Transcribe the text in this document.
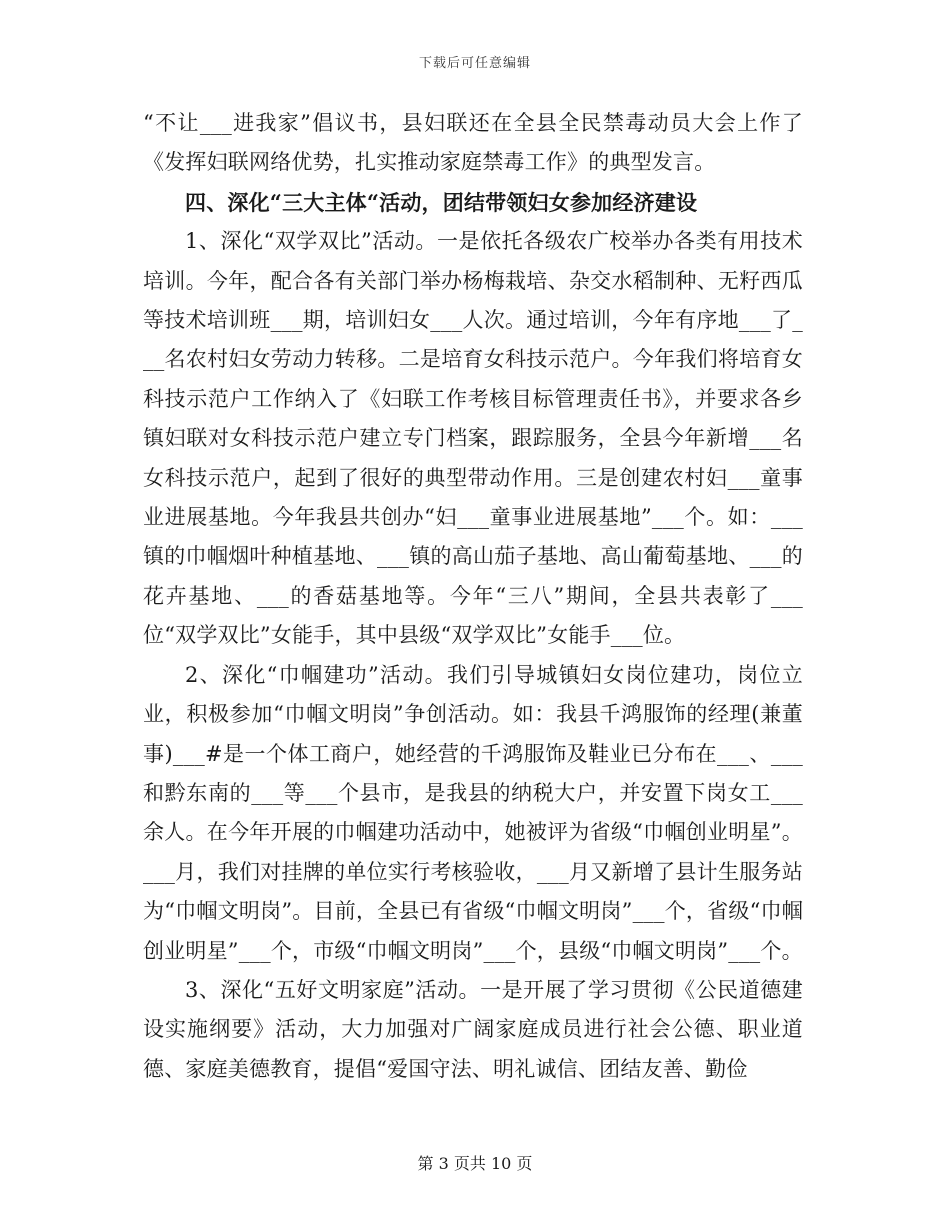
下载后可任意编辑

“不让___进我家”倡议书，县妇联还在全县全民禁毒动员大会上作了《发挥妇联网络优势，扎实推动家庭禁毒工作》的典型发言。

四、深化“三大主体“活动，团结带领妇女参加经济建设

1、深化“双学双比”活动。一是依托各级农广校举办各类有用技术培训。今年，配合各有关部门举办杨梅栽培、杂交水稻制种、无籽西瓜等技术培训班___期，培训妇女___人次。通过培训，今年有序地___了___名农村妇女劳动力转移。二是培育女科技示范户。今年我们将培育女科技示范户工作纳入了《妇联工作考核目标管理责任书》，并要求各乡镇妇联对女科技示范户建立专门档案，跟踪服务，全县今年新增___名女科技示范户，起到了很好的典型带动作用。三是创建农村妇___童事业进展基地。今年我县共创办“妇___童事业进展基地”___个。如：___镇的巾帼烟叶种植基地、___镇的高山茄子基地、高山葡萄基地、___的花卉基地、___的香菇基地等。今年“三八”期间，全县共表彰了___位“双学双比”女能手，其中县级“双学双比”女能手___位。

2、深化“巾帼建功”活动。我们引导城镇妇女岗位建功，岗位立业，积极参加“巾帼文明岗”争创活动。如：我县千鸿服饰的经理(兼董事)___#是一个体工商户，她经营的千鸿服饰及鞋业已分布在___、___和黔东南的___等___个县市，是我县的纳税大户，并安置下岗女工___余人。在今年开展的巾帼建功活动中，她被评为省级“巾帼创业明星”。___月，我们对挂牌的单位实行考核验收，___月又新增了县计生服务站为“巾帼文明岗”。目前，全县已有省级“巾帼文明岗”___个，省级“巾帼创业明星”___个，市级“巾帼文明岗”___个，县级“巾帼文明岗”___个。

3、深化“五好文明家庭”活动。一是开展了学习贯彻《公民道德建设实施纲要》活动，大力加强对广阔家庭成员进行社会公德、职业道德、家庭美德教育，提倡“爱国守法、明礼诚信、团结友善、勤俭

第 3 页共 10 页
